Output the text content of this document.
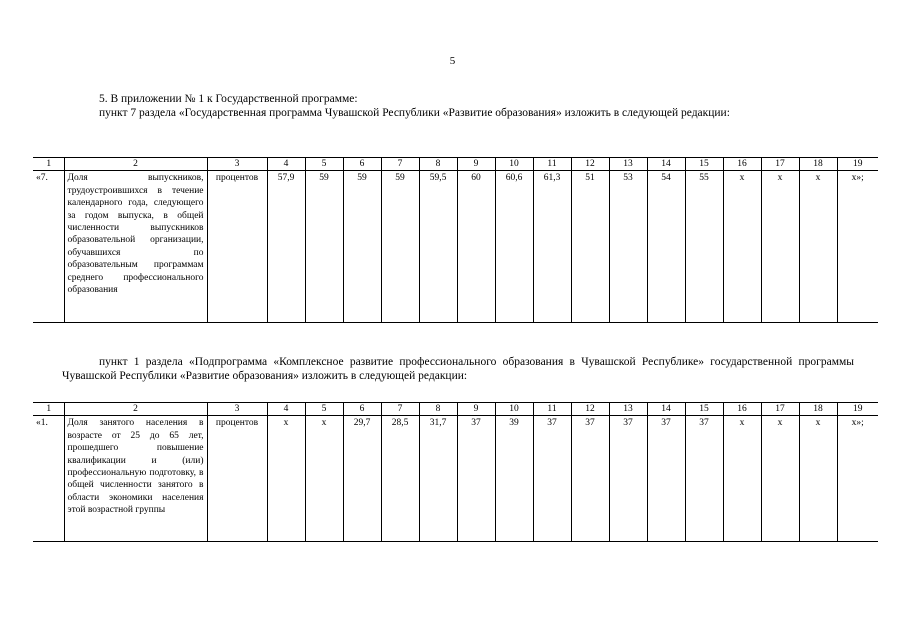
5
5. В приложении № 1 к Государственной программе:
пункт 7 раздела «Государственная программа Чувашской Республики «Развитие образования» изложить в следующей редакции:
1	2	3	4	5	6	7	8	9	10	11	12	13	14	15	16	17	18	19
«7.	Доля выпускников, трудоустроившихся в течение календарного года, следующего за годом выпуска, в общей численности выпускников образовательной организации, обучавшихся по образовательным программам среднего профессионального образования	процентов	57,9	59	59	59	59,5	60	60,6	61,3	51	53	54	55	х	х	х	х»;
пункт 1 раздела «Подпрограмма «Комплексное развитие профессионального образования в Чувашской Республике» государственной программы Чувашской Республики «Развитие образования» изложить в следующей редакции:
1	2	3	4	5	6	7	8	9	10	11	12	13	14	15	16	17	18	19
«1.	Доля занятого населения в возрасте от 25 до 65 лет, прошедшего повышение квалификации и (или) профессиональную подготовку, в общей численности занятого в области экономики населения этой возрастной группы	процентов	х	х	29,7	28,5	31,7	37	39	37	37	37	37	37	х	х	х	х»;
